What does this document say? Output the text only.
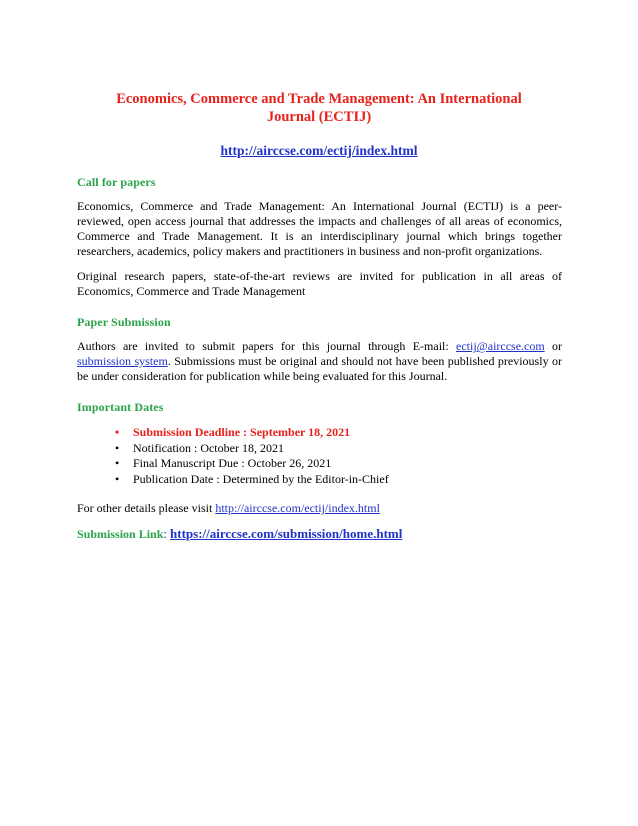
Economics, Commerce and Trade Management: An International
Journal (ECTIJ)
http://airccse.com/ectij/index.html
Call for papers
Economics, Commerce and Trade Management: An International Journal (ECTIJ) is a peer-
reviewed, open access journal that addresses the impacts and challenges of all areas of economics,
Commerce and Trade Management. It is an interdisciplinary journal which brings together
researchers, academics, policy makers and practitioners in business and non-profit organizations.
Original research papers, state-of-the-art reviews are invited for publication in all areas of
Economics, Commerce and Trade Management
Paper Submission
Authors are invited to submit papers for this journal through E-mail: ectij@airccse.com or
submission system. Submissions must be original and should not have been published previously or
be under consideration for publication while being evaluated for this Journal.
Important Dates
• Submission Deadline : September 18, 2021
• Notification : October 18, 2021
• Final Manuscript Due : October 26, 2021
• Publication Date : Determined by the Editor-in-Chief
For other details please visit http://airccse.com/ectij/index.html
Submission Link: https://airccse.com/submission/home.html
